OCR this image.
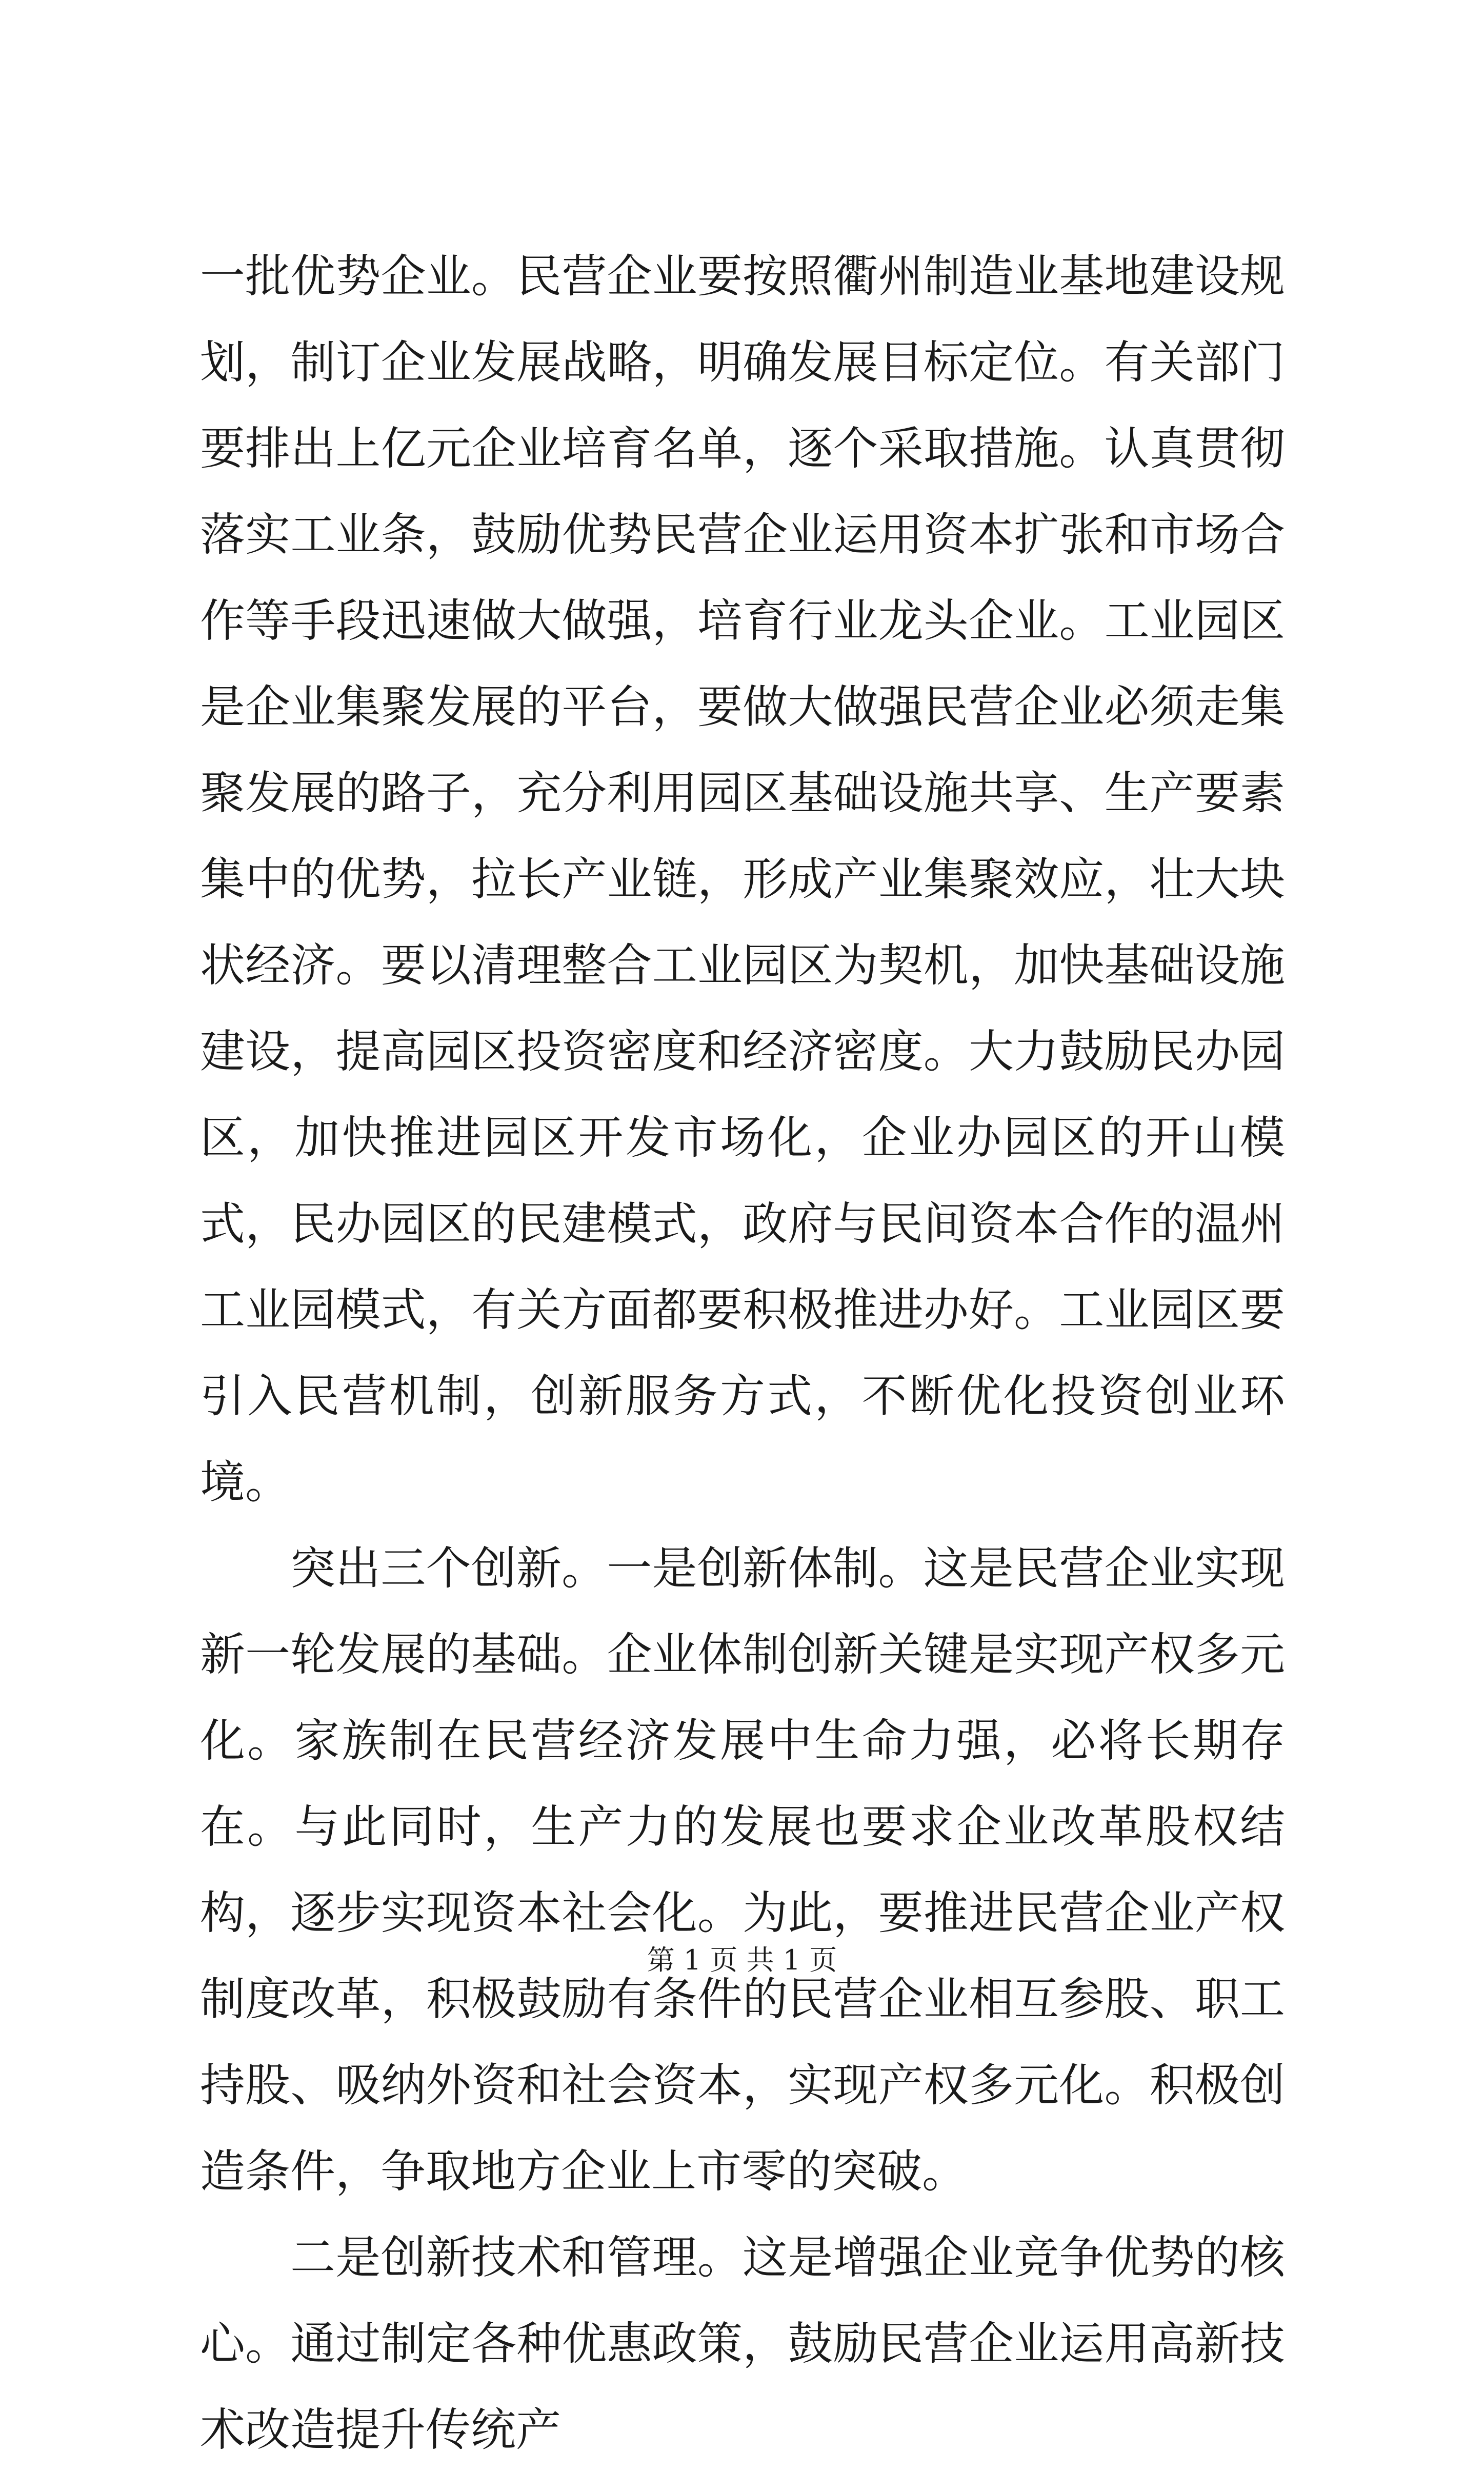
一批优势企业。民营企业要按照衢州制造业基地建设规划，制订企业发展战略，明确发展目标定位。有关部门要排出上亿元企业培育名单，逐个采取措施。认真贯彻落实工业条，鼓励优势民营企业运用资本扩张和市场合作等手段迅速做大做强，培育行业龙头企业。工业园区是企业集聚发展的平台，要做大做强民营企业必须走集聚发展的路子，充分利用园区基础设施共享、生产要素集中的优势，拉长产业链，形成产业集聚效应，壮大块状经济。要以清理整合工业园区为契机，加快基础设施建设，提高园区投资密度和经济密度。大力鼓励民办园区，加快推进园区开发市场化，企业办园区的开山模式，民办园区的民建模式，政府与民间资本合作的温州工业园模式，有关方面都要积极推进办好。工业园区要引入民营机制，创新服务方式，不断优化投资创业环境。

突出三个创新。一是创新体制。这是民营企业实现新一轮发展的基础。企业体制创新关键是实现产权多元化。家族制在民营经济发展中生命力强，必将长期存在。与此同时，生产力的发展也要求企业改革股权结构，逐步实现资本社会化。为此，要推进民营企业产权制度改革，积极鼓励有条件的民营企业相互参股、职工持股、吸纳外资和社会资本，实现产权多元化。积极创造条件，争取地方企业上市零的突破。

二是创新技术和管理。这是增强企业竞争优势的核心。通过制定各种优惠政策，鼓励民营企业运用高新技术改造提升传统产

第 1 页 共 1 页
